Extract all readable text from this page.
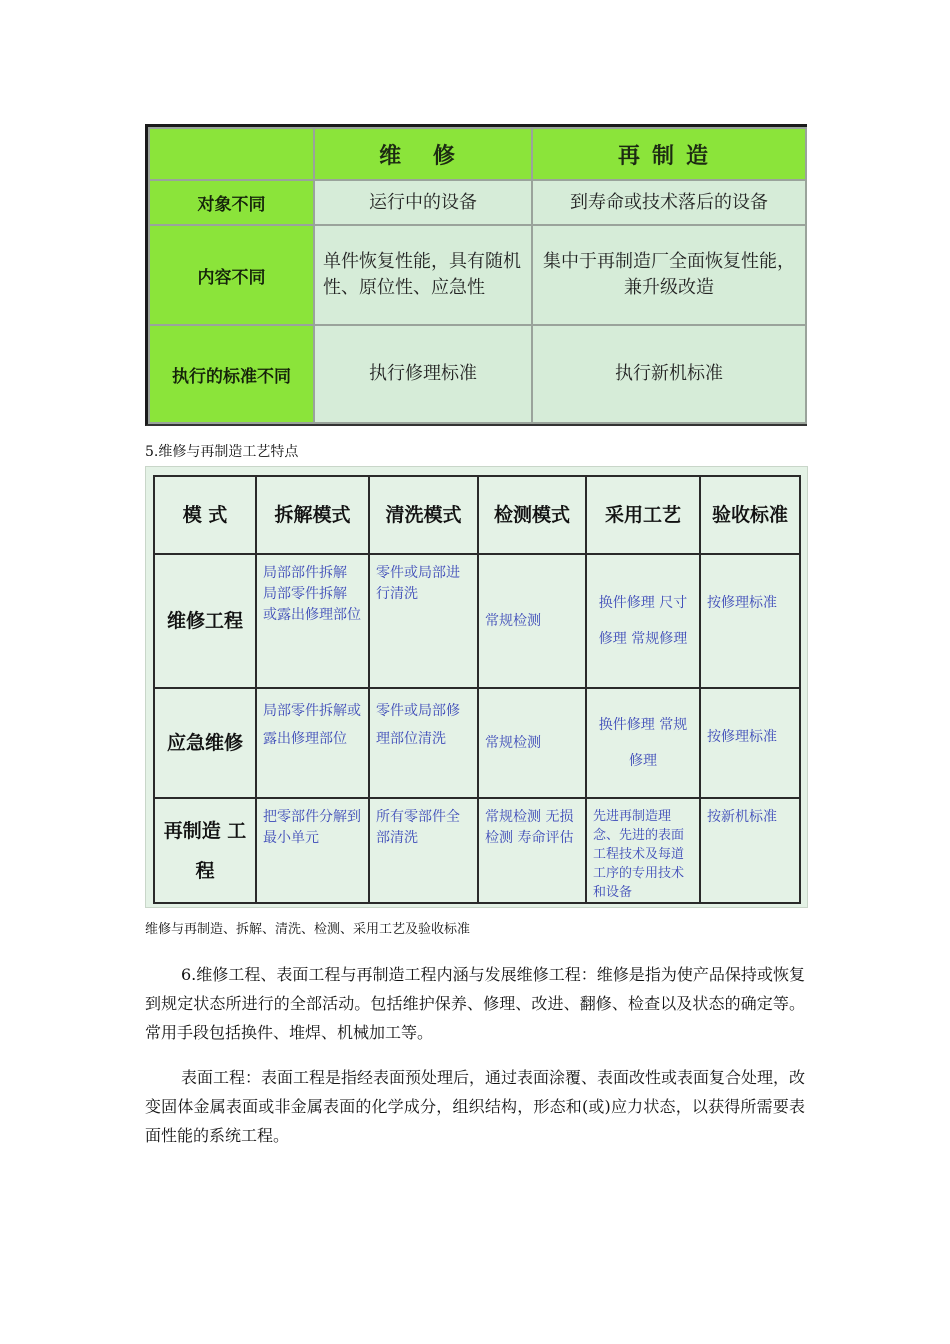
	维 修	再制造
对象不同	运行中的设备	到寿命或技术落后的设备
内容不同	单件恢复性能，具有随机性、原位性、应急性	集中于再制造厂全面恢复性能，兼升级改造
执行的标准不同	执行修理标准	执行新机标准
5.维修与再制造工艺特点
模 式	拆解模式	清洗模式	检测模式	采用工艺	验收标准
维修工程	局部部件拆解 局部零件拆解 或露出修理部位	零件或局部进行清洗	常规检测	换件修理 尺寸修理 常规修理	按修理标准
应急维修	局部零件拆解或露出修理部位	零件或局部修理部位清洗	常规检测	换件修理 常规修理	按修理标准
再制造 工程	把零部件分解到最小单元	所有零部件全部清洗	常规检测 无损检测 寿命评估	先进再制造理念、先进的表面工程技术及每道工序的专用技术和设备	按新机标准
维修与再制造、拆解、清洗、检测、采用工艺及验收标准
6.维修工程、表面工程与再制造工程内涵与发展维修工程：维修是指为使产品保持或恢复到规定状态所进行的全部活动。包括维护保养、修理、改进、翻修、检查以及状态的确定等。常用手段包括换件、堆焊、机械加工等。
表面工程：表面工程是指经表面预处理后，通过表面涂覆、表面改性或表面复合处理，改变固体金属表面或非金属表面的化学成分，组织结构，形态和(或)应力状态，以获得所需要表面性能的系统工程。
